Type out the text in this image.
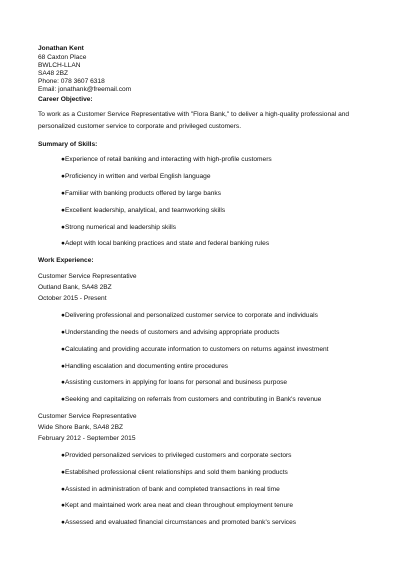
Jonathan Kent
68 Caxton Place
BWLCH-LLAN
SA48 2BZ
Phone: 078 3607 6318
Email: jonathank@freemail.com
Career Objective:
To work as a Customer Service Representative with "Flora Bank," to deliver a high-quality professional and
personalized customer service to corporate and privileged customers.
Summary of Skills:
●Experience of retail banking and interacting with high-profile customers
●Proficiency in written and verbal English language
●Familiar with banking products offered by large banks
●Excellent leadership, analytical, and teamworking skills
●Strong numerical and leadership skills
●Adept with local banking practices and state and federal banking rules
Work Experience:
Customer Service Representative
Outland Bank, SA48 2BZ
October 2015 - Present
●Delivering professional and personalized customer service to corporate and individuals
●Understanding the needs of customers and advising appropriate products
●Calculating and providing accurate information to customers on returns against investment
●Handling escalation and documenting entire procedures
●Assisting customers in applying for loans for personal and business purpose
●Seeking and capitalizing on referrals from customers and contributing in Bank's revenue
Customer Service Representative
Wide Shore Bank, SA48 2BZ
February 2012 - September 2015
●Provided personalized services to privileged customers and corporate sectors
●Established professional client relationships and sold them banking products
●Assisted in administration of bank and completed transactions in real time
●Kept and maintained work area neat and clean throughout employment tenure
●Assessed and evaluated financial circumstances and promoted bank's services
